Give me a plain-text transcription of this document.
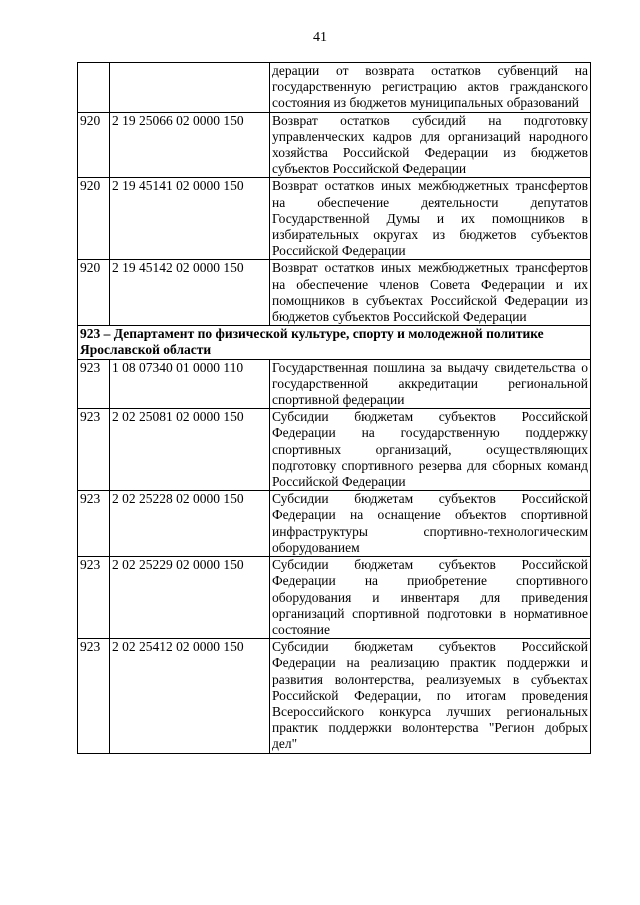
41
		дерации от возврата остатков субвенций на государственную регистрацию актов гражданского состояния из бюджетов муниципальных образований
920	2 19 25066 02 0000 150	Возврат остатков субсидий на подготовку управленческих кадров для организаций народного хозяйства Российской Федерации из бюджетов субъектов Российской Федерации
920	2 19 45141 02 0000 150	Возврат остатков иных межбюджетных трансфертов на обеспечение деятельности депутатов Государственной Думы и их помощников в избирательных округах из бюджетов субъектов Российской Федерации
920	2 19 45142 02 0000 150	Возврат остатков иных межбюджетных трансфертов на обеспечение членов Совета Федерации и их помощников в субъектах Российской Федерации из бюджетов субъектов Российской Федерации
923 – Департамент по физической культуре, спорту и молодежной политике Ярославской области		
923	1 08 07340 01 0000 110	Государственная пошлина за выдачу свидетельства о государственной аккредитации региональной спортивной федерации
923	2 02 25081 02 0000 150	Субсидии бюджетам субъектов Российской Федерации на государственную поддержку спортивных организаций, осуществляющих подготовку спортивного резерва для сборных команд Российской Федерации
923	2 02 25228 02 0000 150	Субсидии бюджетам субъектов Российской Федерации на оснащение объектов спортивной инфраструктуры спортивно-технологическим оборудованием
923	2 02 25229 02 0000 150	Субсидии бюджетам субъектов Российской Федерации на приобретение спортивного оборудования и инвентаря для приведения организаций спортивной подготовки в нормативное состояние
923	2 02 25412 02 0000 150	Субсидии бюджетам субъектов Российской Федерации на реализацию практик поддержки и развития волонтерства, реализуемых в субъектах Российской Федерации, по итогам проведения Всероссийского конкурса лучших региональных практик поддержки волонтерства "Регион добрых дел"
